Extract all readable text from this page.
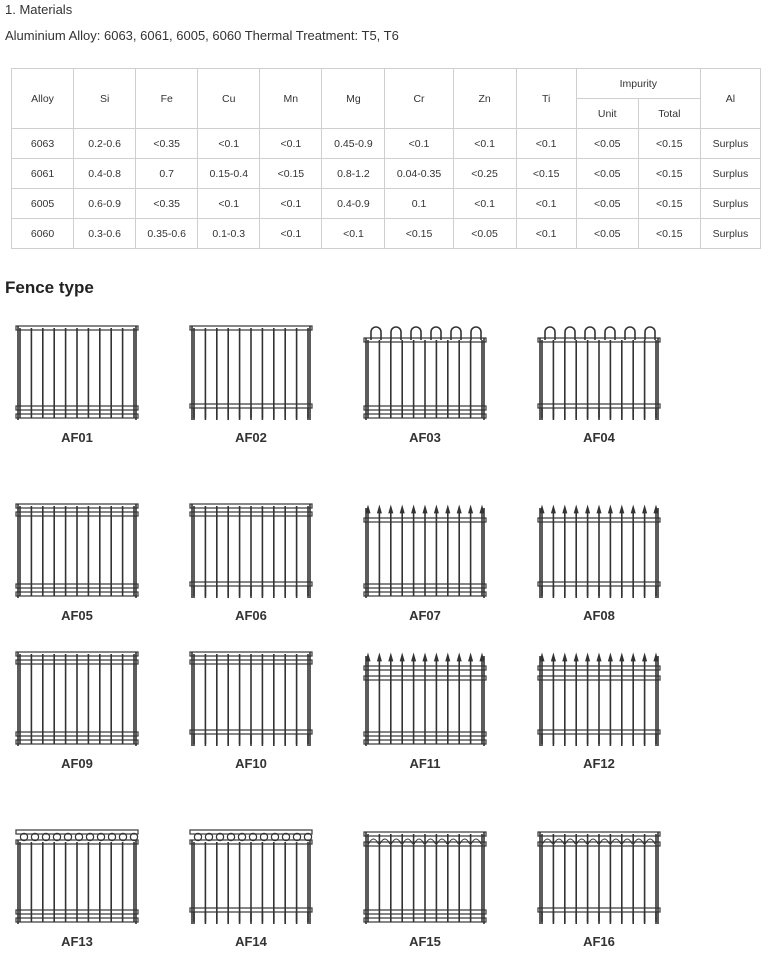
1. Materials
Aluminium Alloy: 6063, 6061, 6005, 6060 Thermal Treatment: T5, T6
Alloy	Si	Fe	Cu	Mn	Mg	Cr	Zn	Ti	Impurity		Al
									Unit	Total	
6063	0.2-0.6	<0.35	<0.1	<0.1	0.45-0.9	<0.1	<0.1	<0.1	<0.05	<0.15	Surplus
6061	0.4-0.8	0.7	0.15-0.4	<0.15	0.8-1.2	0.04-0.35	<0.25	<0.15	<0.05	<0.15	Surplus
6005	0.6-0.9	<0.35	<0.1	<0.1	0.4-0.9	0.1	<0.1	<0.1	<0.05	<0.15	Surplus
6060	0.3-0.6	0.35-0.6	0.1-0.3	<0.1	<0.1	<0.15	<0.05	<0.1	<0.05	<0.15	Surplus
Fence type
AF01	AF02	AF03	AF04
AF05	AF06	AF07	AF08
AF09	AF10	AF11	AF12
AF13	AF14	AF15	AF16
